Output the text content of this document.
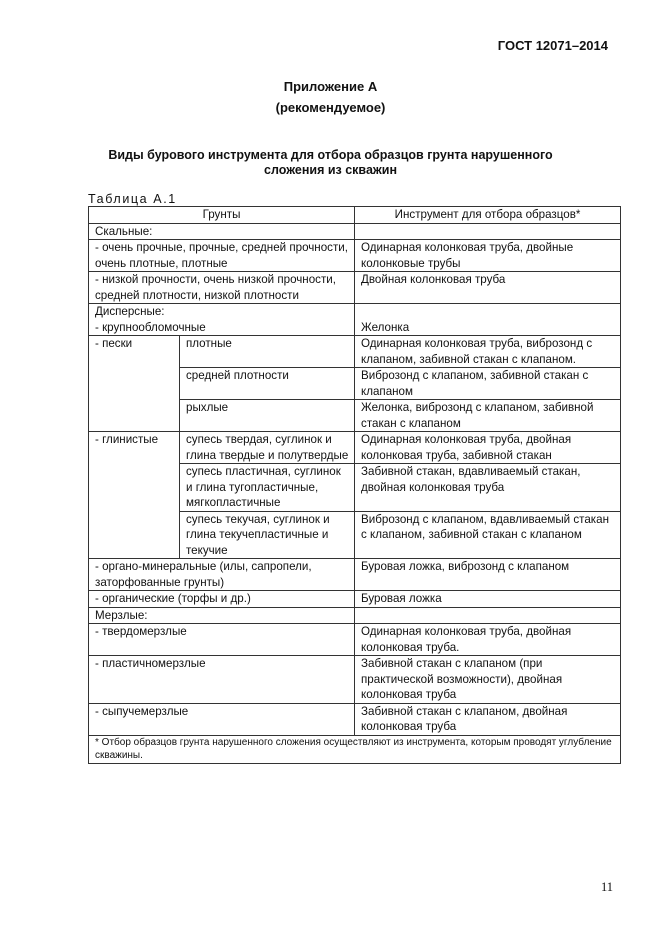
ГОСТ 12071–2014
Приложение А
(рекомендуемое)
Виды бурового инструмента для отбора образцов грунта нарушенного
сложения из скважин
Таблица А.1
Грунты		Инструмент для отбора образцов*
Скальные:		
- очень прочные, прочные, средней прочности, очень плотные, плотные		Одинарная колонковая труба, двойные колонковые трубы
- низкой прочности, очень низкой прочности, средней плотности, низкой плотности		Двойная колонковая труба
Дисперсные:		
- крупнообломочные		Желонка
- пески	плотные	Одинарная колонковая труба, виброзонд с клапаном, забивной стакан с клапаном.
	средней плотности	Виброзонд с клапаном, забивной стакан с клапаном
	рыхлые	Желонка, виброзонд с клапаном, забивной стакан с клапаном
- глинистые	супесь твердая, суглинок и глина твердые и полутвердые	Одинарная колонковая труба, двойная колонковая труба, забивной стакан
	супесь пластичная, суглинок и глина тугопластичные, мягкопластичные	Забивной стакан, вдавливаемый стакан, двойная колонковая труба
	супесь текучая, суглинок и глина текучепластичные и текучие	Виброзонд с клапаном, вдавливаемый стакан с клапаном, забивной стакан с клапаном
- органо-минеральные (илы, сапропели, заторфованные грунты)		Буровая ложка, виброзонд с клапаном
- органические (торфы и др.)		Буровая ложка
Мерзлые:		
- твердомерзлые		Одинарная колонковая труба, двойная колонковая труба.
- пластичномерзлые		Забивной стакан с клапаном (при практической возможности), двойная колонковая труба
- сыпучемерзлые		Забивной стакан с клапаном, двойная колонковая труба
* Отбор образцов грунта нарушенного сложения осуществляют из инструмента, которым проводят углубление скважины.		
11
